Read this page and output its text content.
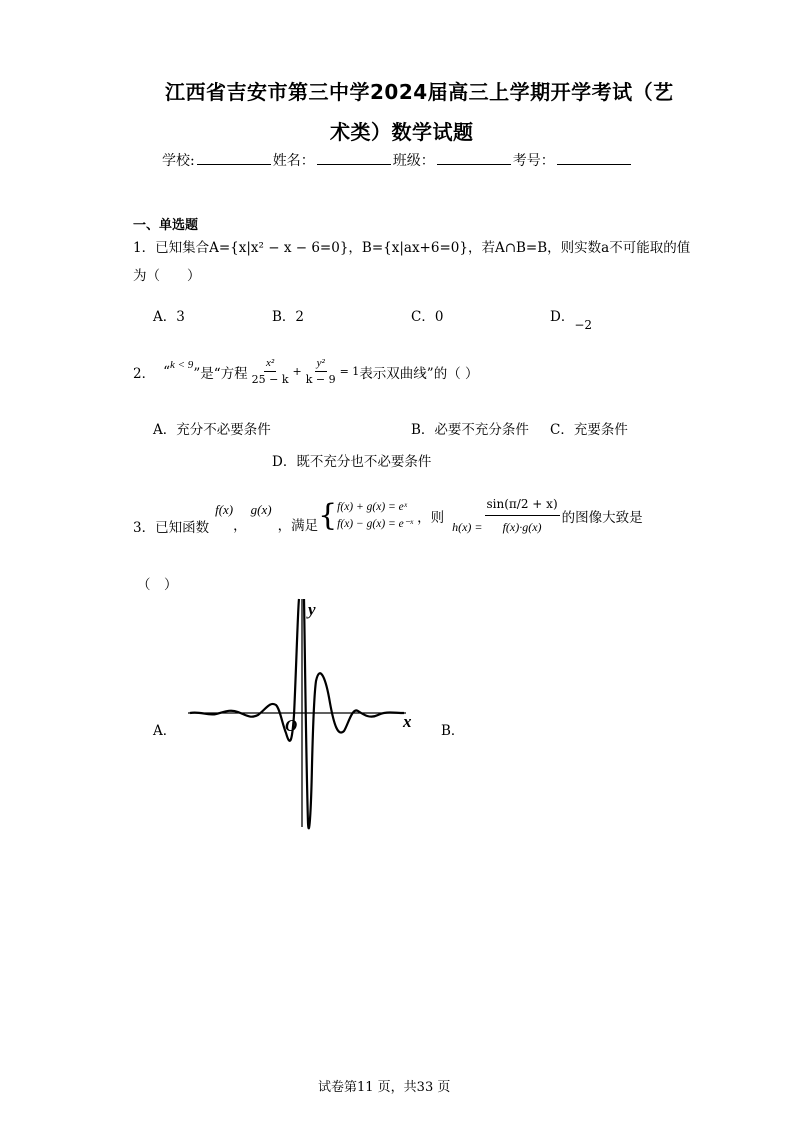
江西省吉安市第三中学2024届高三上学期开学考试（艺
术类）数学试题
学校:	姓名：	班级：	考号：
一、单选题
1．已知集合A={x|x² − x − 6=0}，B={x|ax+6=0}，若A∩B=B，则实数a不可能取的值
为（　　）
A．3	B．2	C．0	D．−2
2． “ k < 9
”是“方程 $\frac{\text{x²}}{25 - k} + \frac{\text{y²}}{k - 9} = 1$ 表示双曲线”的（ ）
A．充分不必要条件	B．必要不充分条件 C．充要条件
D．既不充分也不必要条件
3．已知函数
f(x)
，
g(x)
，满足 { f(x) + g(x) = eˣ
f(x) − g(x) = e⁻ˣ ，则
$h(x) = \frac{\sin(\pi/2 + x)}{f(x)\cdot g(x)}$ 的图像大致是
（　）
A．	B．
y
x
O
试卷第11 页，共33 页
